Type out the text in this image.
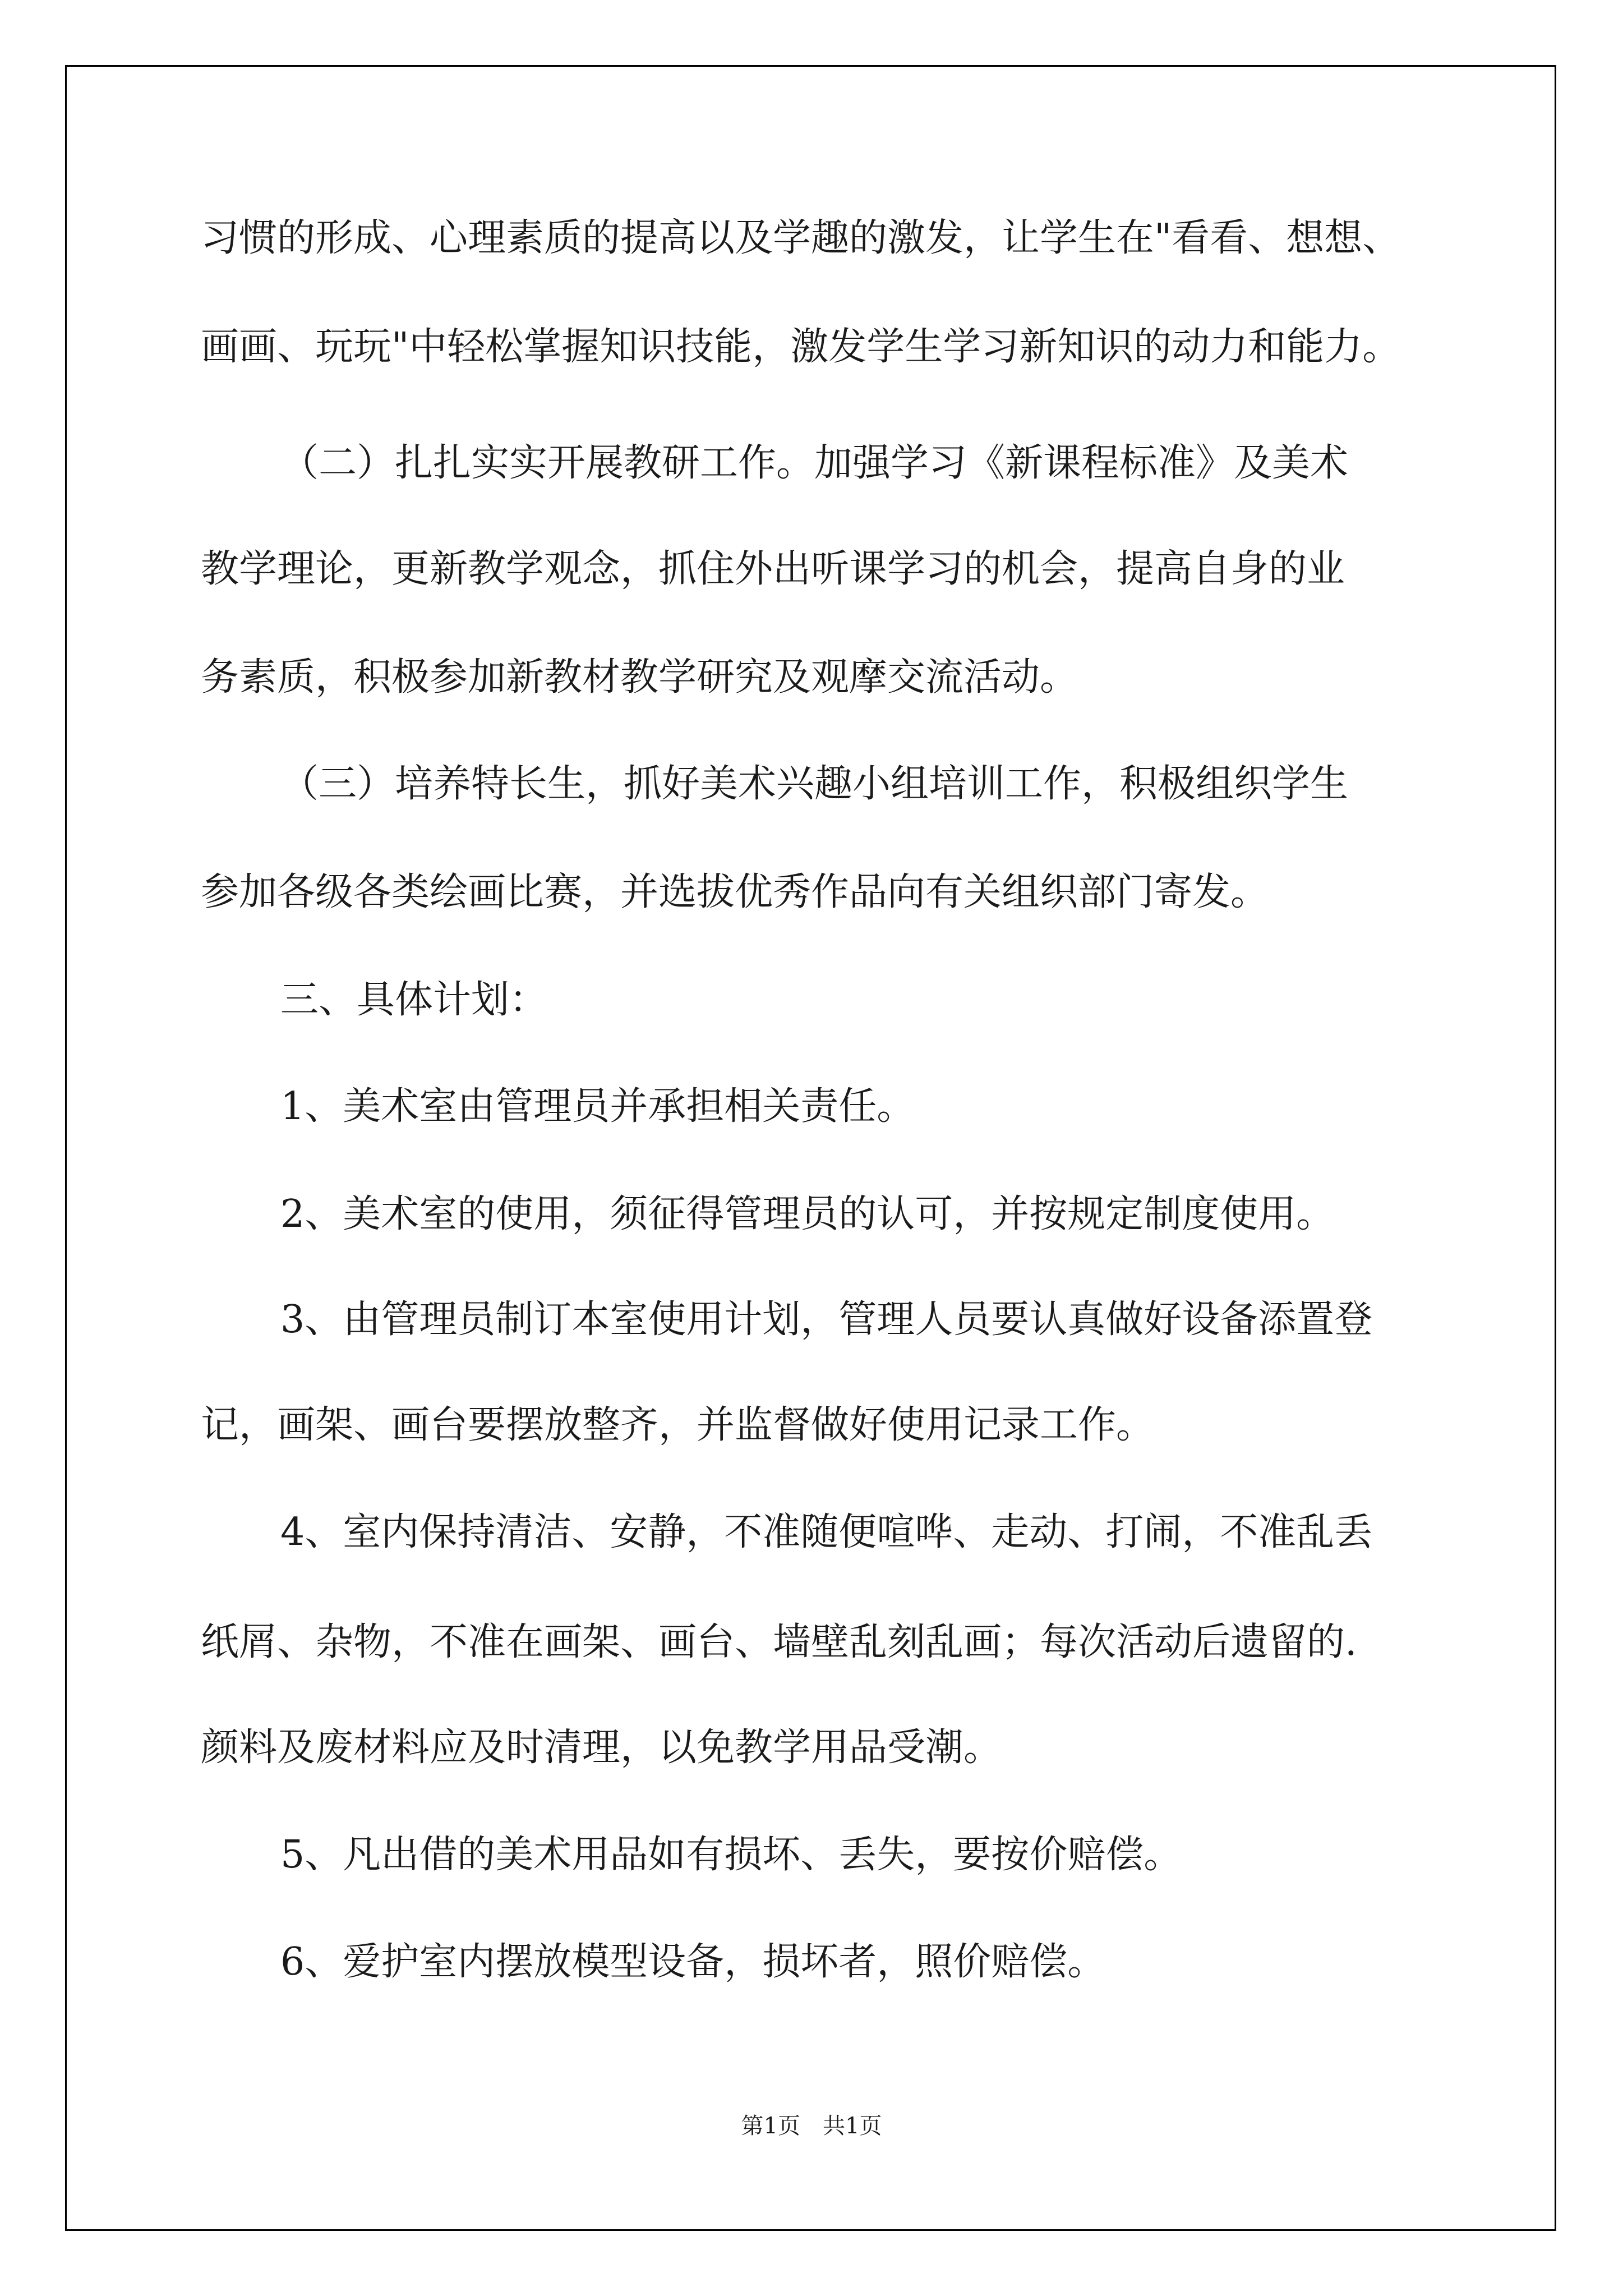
习惯的形成、心理素质的提高以及学趣的激发，让学生在"看看、想想、
画画、玩玩"中轻松掌握知识技能，激发学生学习新知识的动力和能力。
（二）扎扎实实开展教研工作。加强学习《新课程标准》及美术
教学理论，更新教学观念，抓住外出听课学习的机会，提高自身的业
务素质，积极参加新教材教学研究及观摩交流活动。
（三）培养特长生，抓好美术兴趣小组培训工作，积极组织学生
参加各级各类绘画比赛，并选拔优秀作品向有关组织部门寄发。
三、具体计划：
1、美术室由管理员并承担相关责任。
2、美术室的使用，须征得管理员的认可，并按规定制度使用。
3、由管理员制订本室使用计划，管理人员要认真做好设备添置登
记，画架、画台要摆放整齐，并监督做好使用记录工作。
4、室内保持清洁、安静，不准随便喧哗、走动、打闹，不准乱丢
纸屑、杂物，不准在画架、画台、墙壁乱刻乱画；每次活动后遗留的.
颜料及废材料应及时清理，以免教学用品受潮。
5、凡出借的美术用品如有损坏、丢失，要按价赔偿。
6、爱护室内摆放模型设备，损坏者，照价赔偿。
第1页　共1页
